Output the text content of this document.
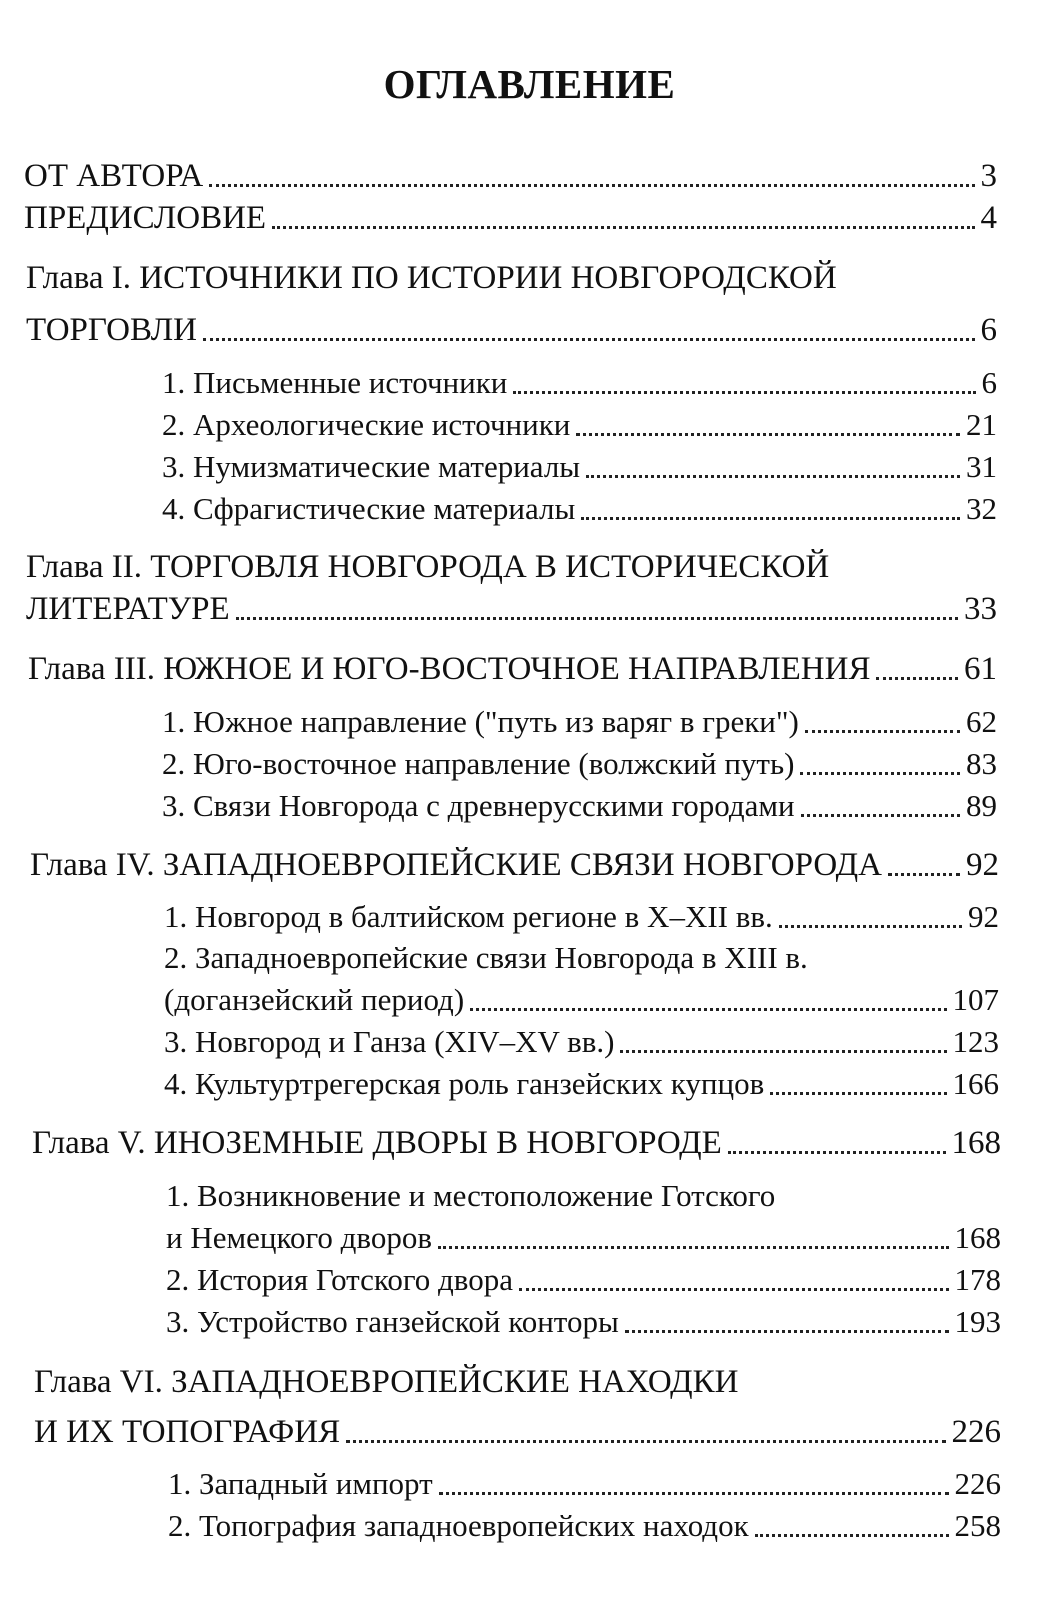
ОГЛАВЛЕНИЕ
ОТ АВТОРА	3
ПРЕДИСЛОВИЕ	4
Глава I. ИСТОЧНИКИ ПО ИСТОРИИ НОВГОРОДСКОЙ
ТОРГОВЛИ	6
1. Письменные источники	6
2. Археологические источники	21
3. Нумизматические материалы	31
4. Сфрагистические материалы	32
Глава II. ТОРГОВЛЯ НОВГОРОДА В ИСТОРИЧЕСКОЙ
ЛИТЕРАТУРЕ	33
Глава III. ЮЖНОЕ И ЮГО-ВОСТОЧНОЕ НАПРАВЛЕНИЯ	61
1. Южное направление ("путь из варяг в греки")	62
2. Юго-восточное направление (волжский путь)	83
3. Связи Новгорода с древнерусскими городами	89
Глава IV. ЗАПАДНОЕВРОПЕЙСКИЕ СВЯЗИ НОВГОРОДА	92
1. Новгород в балтийском регионе в X–XII вв.	92
2. Западноевропейские связи Новгорода в XIII в.
(доганзейский период)	107
3. Новгород и Ганза (XIV–XV вв.)	123
4. Культуртрегерская роль ганзейских купцов	166
Глава V. ИНОЗЕМНЫЕ ДВОРЫ В НОВГОРОДЕ	168
1. Возникновение и местоположение Готского
и Немецкого дворов	168
2. История Готского двора	178
3. Устройство ганзейской конторы	193
Глава VI. ЗАПАДНОЕВРОПЕЙСКИЕ НАХОДКИ
И ИХ ТОПОГРАФИЯ	226
1. Западный импорт	226
2. Топография западноевропейских находок	258
